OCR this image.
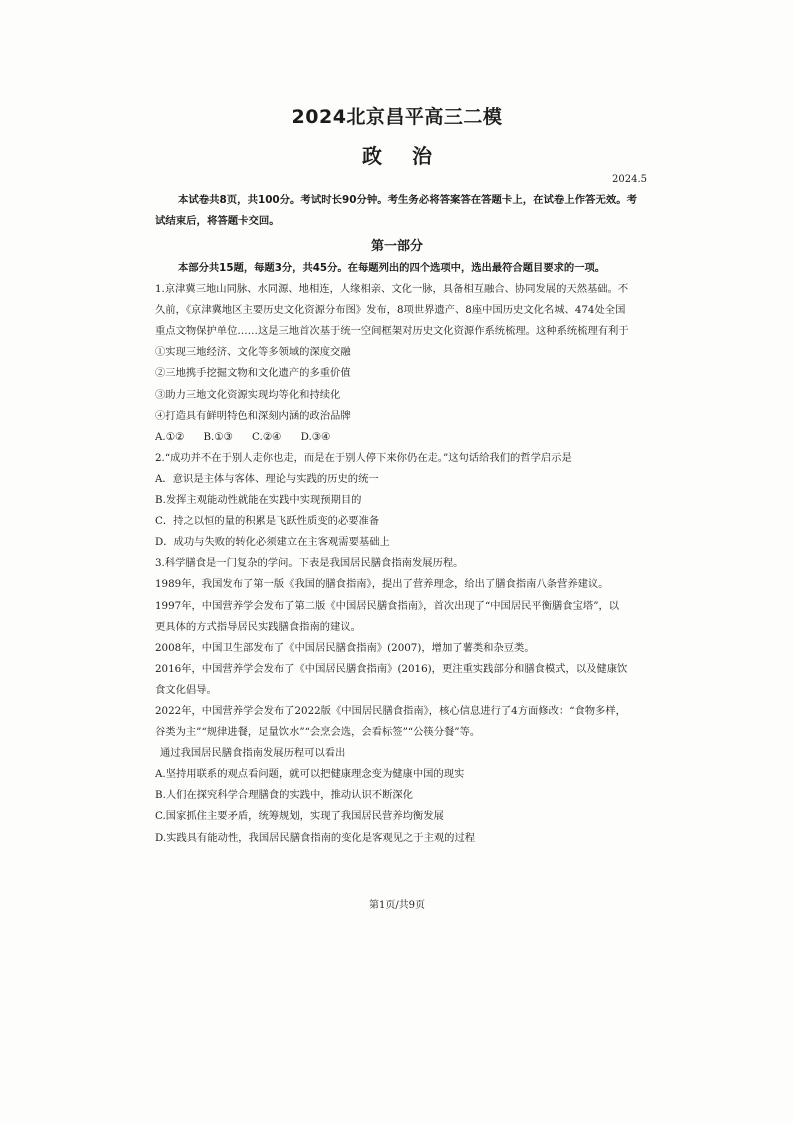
2024北京昌平高三二模
政 治
2024.5
本试卷共8页，共100分。考试时长90分钟。考生务必将答案答在答题卡上，在试卷上作答无效。考试结束后，将答题卡交回。
第一部分
本部分共15题，每题3分，共45分。在每题列出的四个选项中，选出最符合题目要求的一项。
1.京津冀三地山同脉、水同源、地相连，人缘相亲、文化一脉，具备相互融合、协同发展的天然基础。不
久前，《京津冀地区主要历史文化资源分布图》发布，8项世界遗产、8座中国历史文化名城、474处全国
重点文物保护单位……这是三地首次基于统一空间框架对历史文化资源作系统梳理。这种系统梳理有利于
①实现三地经济、文化等多领域的深度交融
②三地携手挖掘文物和文化遗产的多重价值
③助力三地文化资源实现均等化和持续化
④打造具有鲜明特色和深刻内涵的政治品牌
A.①② B.①③ C.②④ D.③④
2.“成功并不在于别人走你也走，而是在于别人停下来你仍在走。”这句话给我们的哲学启示是
A．意识是主体与客体、理论与实践的历史的统一
B.发挥主观能动性就能在实践中实现预期目的
C．持之以恒的量的积累是飞跃性质变的必要准备
D．成功与失败的转化必须建立在主客观需要基础上
3.科学膳食是一门复杂的学问。下表是我国居民膳食指南发展历程。
1989年，我国发布了第一版《我国的膳食指南》，提出了营养理念，给出了膳食指南八条营养建议。
1997年，中国营养学会发布了第二版《中国居民膳食指南》，首次出现了“中国居民平衡膳食宝塔”，以
更具体的方式指导居民实践膳食指南的建议。
2008年，中国卫生部发布了《中国居民膳食指南》(2007)，增加了薯类和杂豆类。
2016年，中国营养学会发布了《中国居民膳食指南》(2016)，更注重实践部分和膳食模式，以及健康饮
食文化倡导。
2022年，中国营养学会发布了2022版《中国居民膳食指南》，核心信息进行了4方面修改：“食物多样，
谷类为主”“规律进餐，足量饮水”“会烹会选，会看标签”“公筷分餐”等。
通过我国居民膳食指南发展历程可以看出
A.坚持用联系的观点看问题，就可以把健康理念变为健康中国的现实
B.人们在探究科学合理膳食的实践中，推动认识不断深化
C.国家抓住主要矛盾，统筹规划，实现了我国居民营养均衡发展
D.实践具有能动性，我国居民膳食指南的变化是客观见之于主观的过程
第1页/共9页
